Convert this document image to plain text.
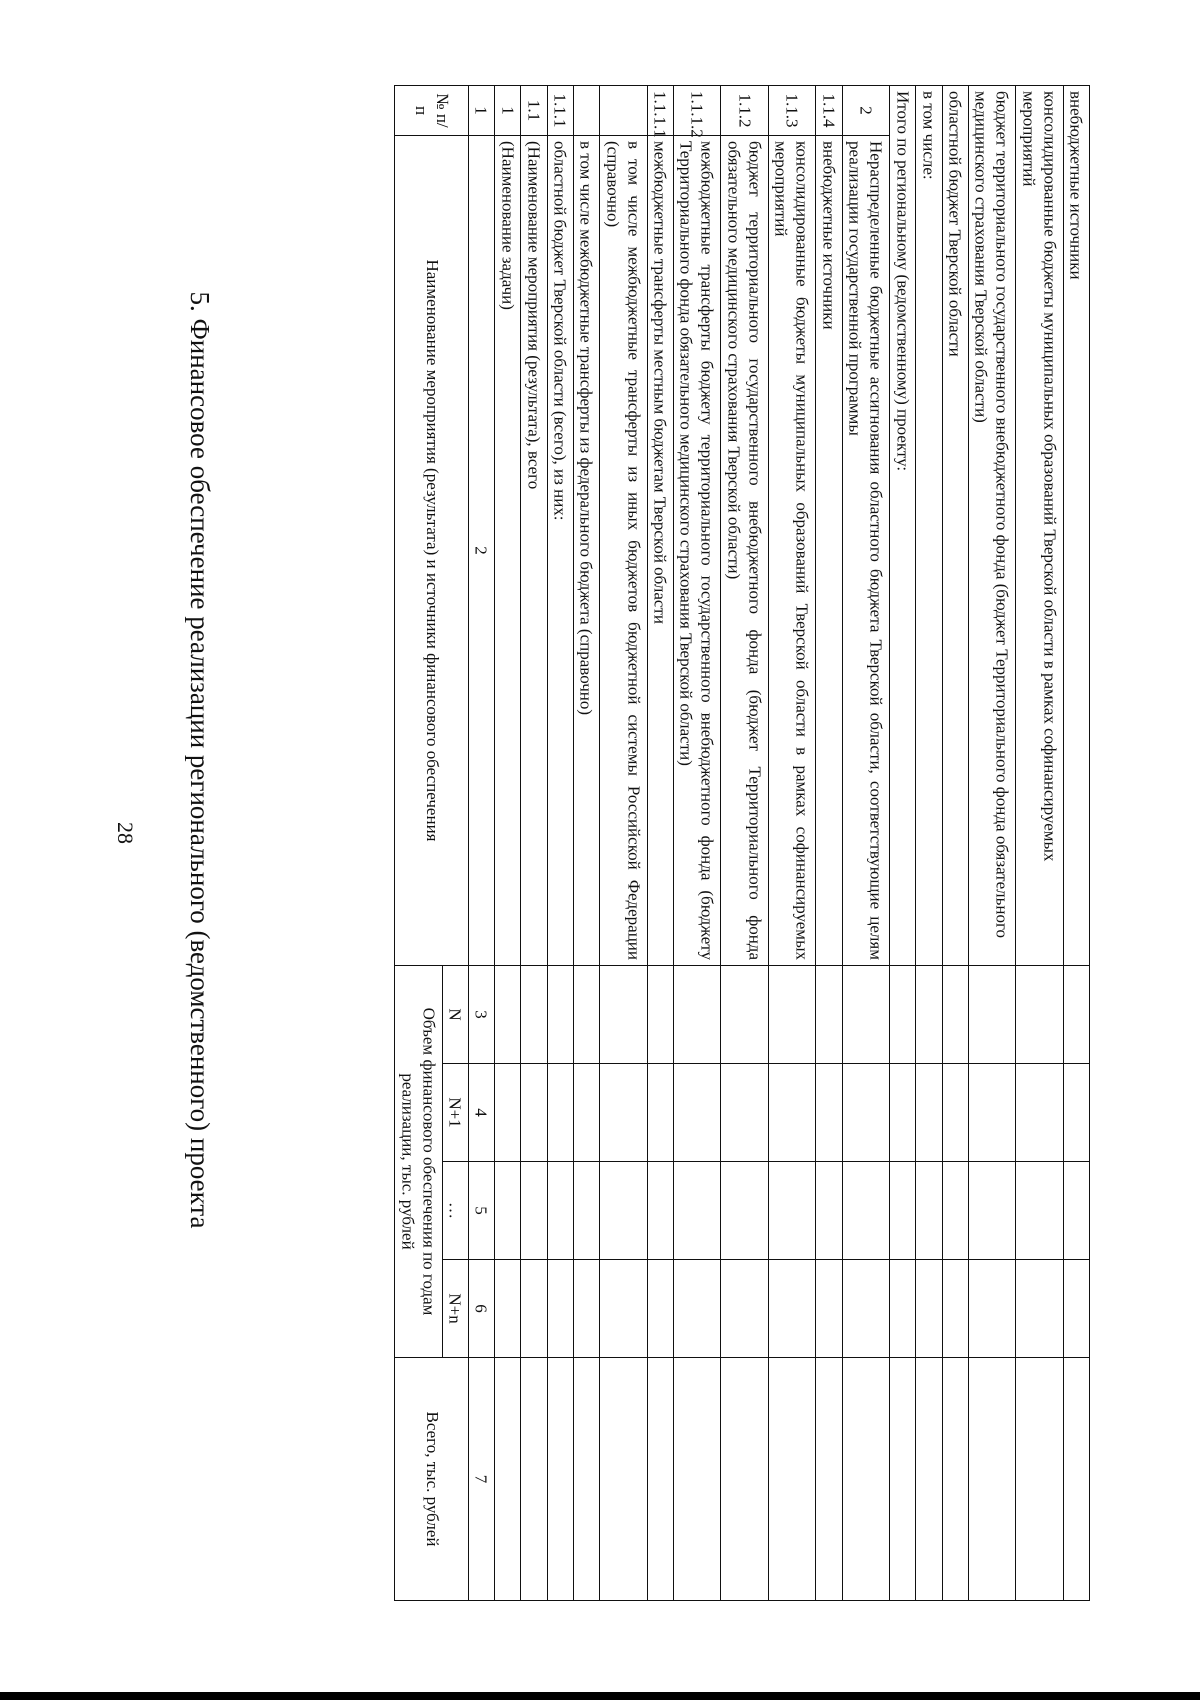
28 5. Финансовое обеспечение реализации регионального (ведомственного) проекта
№ п/п	Наименование мероприятия (результата) и источники финансового обеспечения	Объем финансового обеспечения по годам реализации, тыс. рублей				Всего, тыс. рублей
		N	N+1	…	N+n	
1	2	3	4	5	6	7
1	(Наименование задачи)					
1.1	(Наименование мероприятия (результата), всего					
1.1.1	областной бюджет Тверской области (всего), из них:					
	в том числе межбюджетные трансферты из федерального бюджета (справочно)					
	в том числе межбюджетные трансферты из иных бюджетов бюджетной системы Российской Федерации (справочно)					
1.1.1.1	межбюджетные трансферты местным бюджетам Тверской области					
1.1.1.2	межбюджетные трансферты бюджету территориального государственного внебюджетного фонда (бюджету Территориального фонда обязательного медицинского страхования Тверской области)					
1.1.2	бюджет территориального государственного внебюджетного фонда (бюджет Территориального фонда обязательного медицинского страхования Тверской области)					
1.1.3	консолидированные бюджеты муниципальных образований Тверской области в рамках софинансируемых мероприятий					
1.1.4	внебюджетные источники					
2	Нераспределенные бюджетные ассигнования областного бюджета Тверской области, соответствующие целям реализации государственной программы					
Итого по региональному (ведомственному) проекту:						
в том числе:						
областной бюджет Тверской области						
бюджет территориального государственного внебюджетного фонда (бюджет Территориального фонда обязательного медицинского страхования Тверской области)						
консолидированные бюджеты муниципальных образований Тверской области в рамках софинансируемых мероприятий						
внебюджетные источники						
